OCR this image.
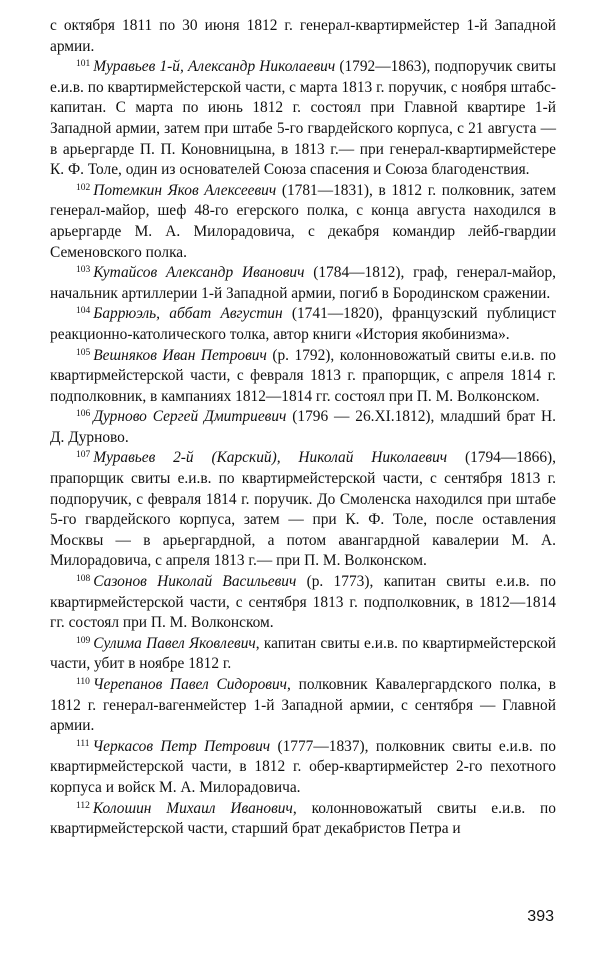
с октября 1811 по 30 июня 1812 г. генерал-квартирмейстер 1-й Западной армии.

$^{101}$ Муравьев 1-й, Александр Николаевич (1792—1863), подпоручик свиты е.и.в. по квартирмейстерской части, с марта 1813 г. поручик, с ноября штабс-капитан. С марта по июнь 1812 г. состоял при Главной квартире 1-й Западной армии, затем при штабе 5-го гвардейского корпуса, с 21 августа — в арьергарде П. П. Коновницына, в 1813 г.— при генерал-квартирмейстере К. Ф. Толе, один из основателей Союза спасения и Союза благоденствия.

$^{102}$ Потемкин Яков Алексеевич (1781—1831), в 1812 г. полковник, затем генерал-майор, шеф 48-го егерского полка, с конца августа находился в арьергарде М. А. Милорадовича, с декабря командир лейб-гвардии Семеновского полка.

$^{103}$ Кутайсов Александр Иванович (1784—1812), граф, генерал-майор, начальник артиллерии 1-й Западной армии, погиб в Бородинском сражении.

$^{104}$ Баррюэль, аббат Августин (1741—1820), французский публицист реакционно-католического толка, автор книги «История якобинизма».

$^{105}$ Вешняков Иван Петрович (р. 1792), колонновожатый свиты е.и.в. по квартирмейстерской части, с февраля 1813 г. прапорщик, с апреля 1814 г. подполковник, в кампаниях 1812—1814 гг. состоял при П. М. Волконском.

$^{106}$ Дурново Сергей Дмитриевич (1796 — 26.XI.1812), младший брат Н. Д. Дурново.

$^{107}$ Муравьев 2-й (Карский), Николай Николаевич (1794—1866), прапорщик свиты е.и.в. по квартирмейстерской части, с сентября 1813 г. подпоручик, с февраля 1814 г. поручик. До Смоленска находился при штабе 5-го гвардейского корпуса, затем — при К. Ф. Толе, после оставления Москвы — в арьергардной, а потом авангардной кавалерии М. А. Милорадовича, с апреля 1813 г.— при П. М. Волконском.

$^{108}$ Сазонов Николай Васильевич (р. 1773), капитан свиты е.и.в. по квартирмейстерской части, с сентября 1813 г. подполковник, в 1812—1814 гг. состоял при П. М. Волконском.

$^{109}$ Сулима Павел Яковлевич, капитан свиты е.и.в. по квартирмейстерской части, убит в ноябре 1812 г.

$^{110}$ Черепанов Павел Сидорович, полковник Кавалергардского полка, в 1812 г. генерал-вагенмейстер 1-й Западной армии, с сентября — Главной армии.

$^{111}$ Черкасов Петр Петрович (1777—1837), полковник свиты е.и.в. по квартирмейстерской части, в 1812 г. обер-квартирмейстер 2-го пехотного корпуса и войск М. А. Милорадовича.

$^{112}$ Колошин Михаил Иванович, колонновожатый свиты е.и.в. по квартирмейстерской части, старший брат декабристов Петра и

393
